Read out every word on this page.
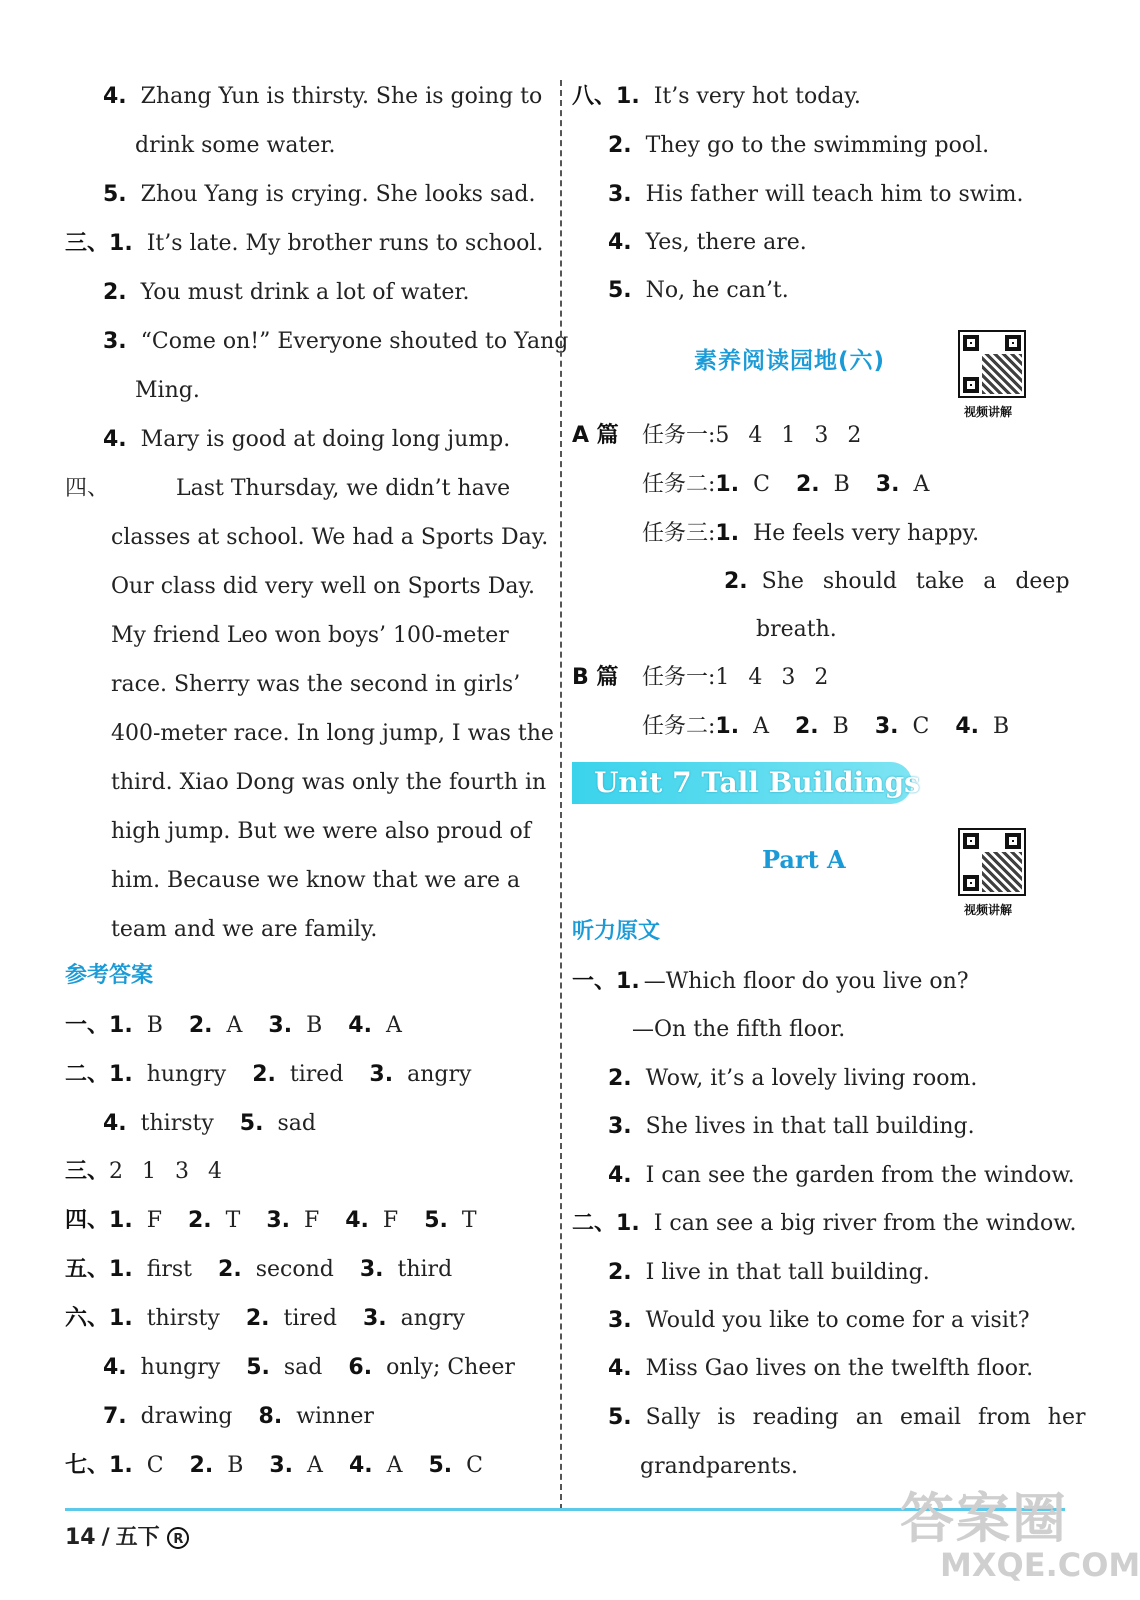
4. Zhang Yun is thirsty. She is going to
drink some water.
5. Zhou Yang is crying. She looks sad.
三、1. It’s late. My brother runs to school.
2. You must drink a lot of water.
3. “Come on!” Everyone shouted to Yang
Ming.
4. Mary is good at doing long jump.
四、	Last Thursday, we didn’t have
classes at school. We had a Sports Day.
Our class did very well on Sports Day.
My friend Leo won boys’ 100-meter
race. Sherry was the second in girls’
400-meter race. In long jump, I was the
third. Xiao Dong was only the fourth in
high jump. But we were also proud of
him. Because we know that we are a
team and we are family.
参考答案
一、1. B 2. A 3. B 4. A
二、1. hungry 2. tired 3. angry
4. thirsty 5. sad
三、2 1 3 4
四、1. F 2. T 3. F 4. F 5. T
五、1. first 2. second 3. third
六、1. thirsty 2. tired 3. angry
4. hungry 5. sad 6. only; Cheer
7. drawing 8. winner
七、1. C 2. B 3. A 4. A 5. C
八、1. It’s very hot today.
2. They go to the swimming pool.
3. His father will teach him to swim.
4. Yes, there are.
5. No, he can’t.
素养阅读园地(六)
视频讲解
A 篇 任务一:5 4 1 3 2
任务二:1. C 2. B 3. A
任务三:1. He feels very happy.
2. She should take a deep
breath.
B 篇 任务一:1 4 3 2
任务二:1. A 2. B 3. C 4. B
Unit 7 Tall Buildings
Part A
视频讲解
听力原文
一、1. —Which floor do you live on?
—On the fifth floor.
2. Wow, it’s a lovely living room.
3. She lives in that tall building.
4. I can see the garden from the window.
二、1. I can see a big river from the window.
2. I live in that tall building.
3. Would you like to come for a visit?
4. Miss Gao lives on the twelfth floor.
5. Sally is reading an email from her
grandparents.
14 / 五下 R	答案圈
MXQE.COM
